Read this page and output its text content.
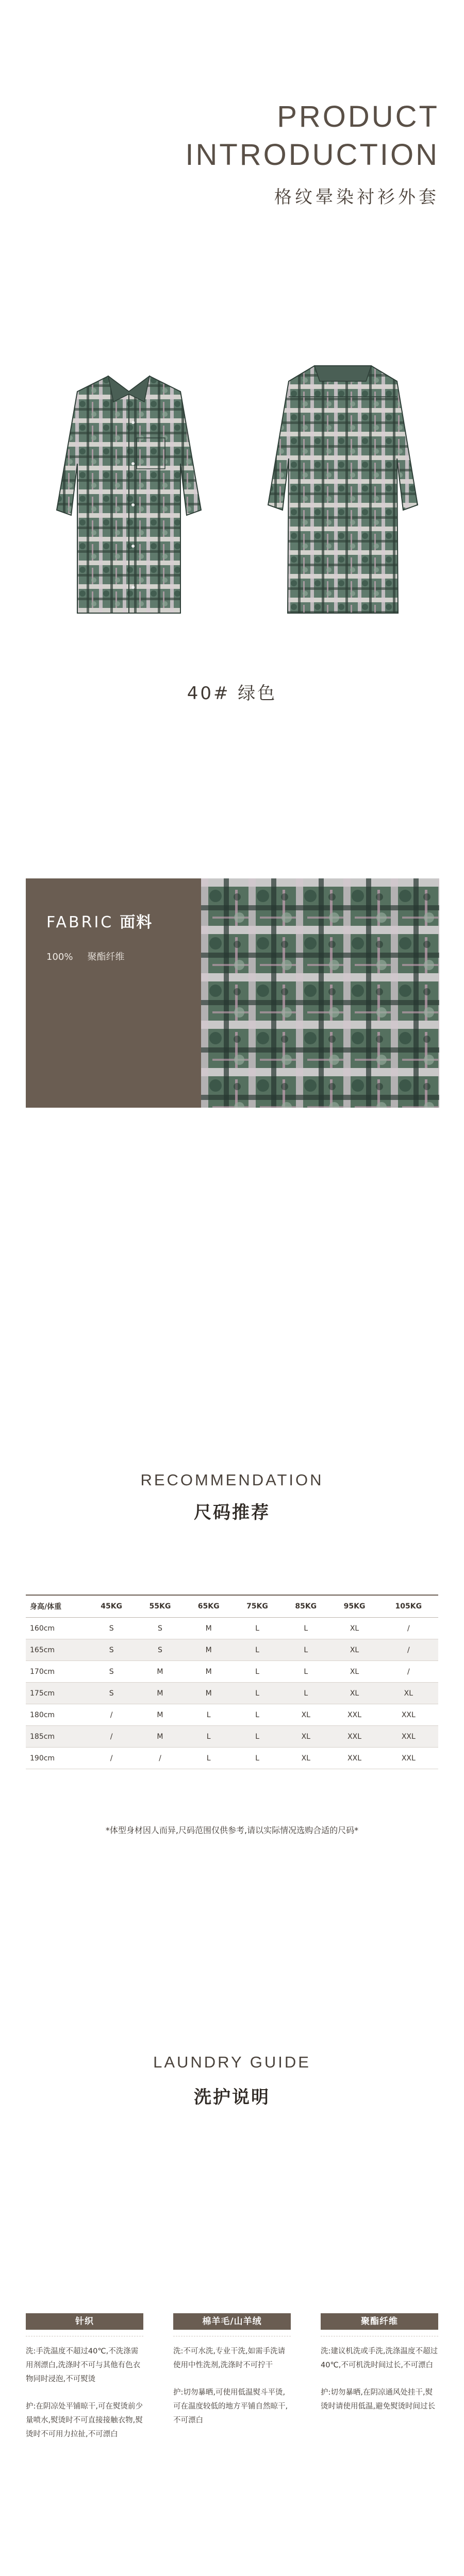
PRODUCT
INTRODUCTION
格纹晕染衬衫外套
40# 绿色
FABRIC 面料
100% 聚酯纤维
RECOMMENDATION
尺码推荐
身高/体重	45KG	55KG	65KG	75KG	85KG	95KG	105KG
160cm	S	S	M	L	L	XL	/
165cm	S	S	M	L	L	XL	/
170cm	S	M	M	L	L	XL	/
175cm	S	M	M	L	L	XL	XL
180cm	/	M	L	L	XL	XXL	XXL
185cm	/	M	L	L	XL	XXL	XXL
190cm	/	/	L	L	XL	XXL	XXL
*体型身材因人而异,尺码范围仅供参考,请以实际情况选购合适的尺码*
LAUNDRY GUIDE
洗护说明
针织

洗:手洗温度不超过40℃,不洗涤需用剂漂白,洗涤时不可与其他有色衣物同时浸泡,不可熨烫

护:在阴凉处平铺晾干,可在熨烫前少量喷水,熨烫时不可直接接触衣物,熨烫时不可用力拉扯,不可漂白

棉羊毛/山羊绒

洗:不可水洗,专业干洗,如需手洗请使用中性洗剂,洗涤时不可拧干

护:切勿暴晒,可使用低温熨斗平烫,可在温度较低的地方平铺自然晾干,不可漂白

聚酯纤维

洗:建议机洗或手洗,洗涤温度不超过40℃,不可机洗时间过长,不可漂白

护:切勿暴晒,在阴凉通风处挂干,熨烫时请使用低温,避免熨烫时间过长
